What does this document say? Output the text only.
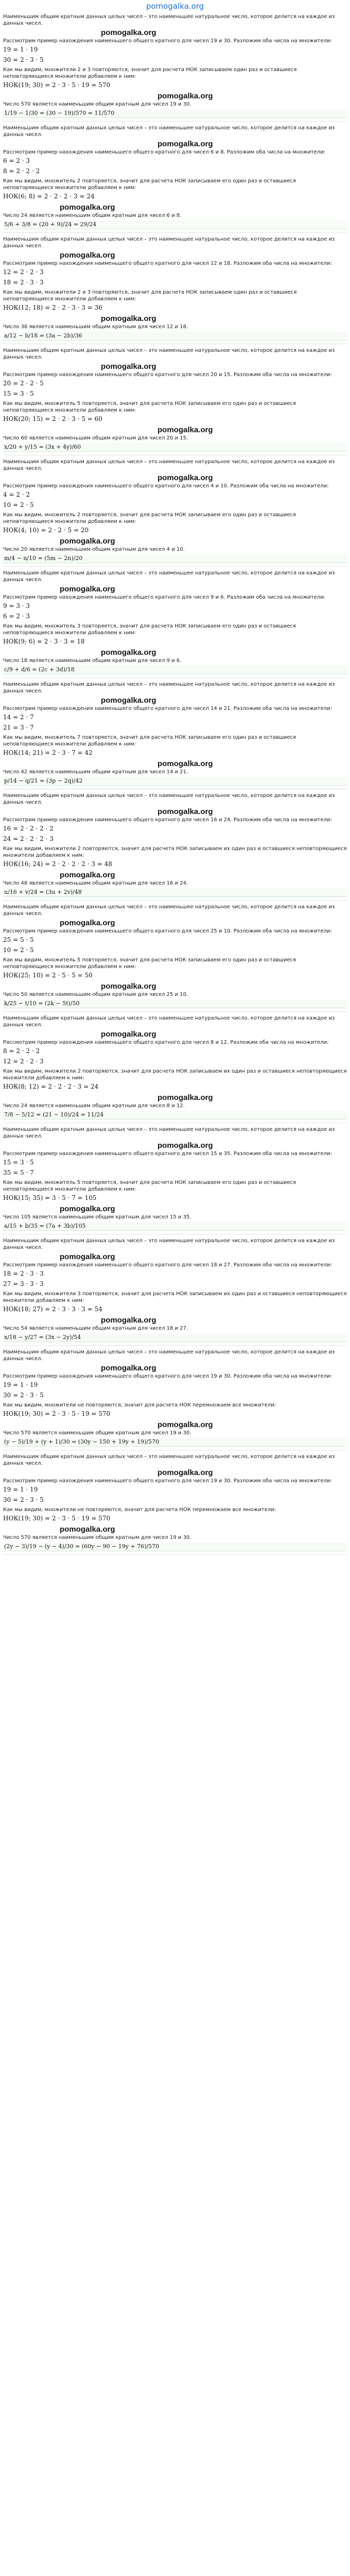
pomogalka.org

Наименьшим общим кратным данных целых чисел – это наименьшее натуральное число, которое делится на каждое из данных чисел.

pomogalka.org

Рассмотрим пример нахождения наименьшего общего кратного для чисел 19 и 30. Разложим оба числа на множители:

19 = 1 · 19
30 = 2 · 3 · 5

Как мы видим, множители 2 и 3 повторяются, значит для расчета НОК записываем один раз и оставшиеся неповторяющиеся множители добавляем к ним:

НОК(19; 30) = 2 · 3 · 5 · 19 = 570
pomogalka.org

Число 570 является наименьшим общим кратным для чисел 19 и 30.

1/19 − 1/30 = (30 − 19)/570 = 11/570

Наименьшим общим кратным данных целых чисел – это наименьшее натуральное число, которое делится на каждое из данных чисел.

pomogalka.org

Рассмотрим пример нахождения наименьшего общего кратного для чисел 6 и 8. Разложим оба числа на множители:

6 = 2 · 3
8 = 2 · 2 · 2

Как мы видим, множитель 2 повторяется, значит для расчета НОК записываем его один раз и оставшиеся неповторяющиеся множители добавляем к ним:

НОК(6; 8) = 2 · 2 · 2 · 3 = 24
pomogalka.org

Число 24 является наименьшим общим кратным для чисел 6 и 8.

5/6 + 3/8 = (20 + 9)/24 = 29/24

Наименьшим общим кратным данных целых чисел – это наименьшее натуральное число, которое делится на каждое из данных чисел.

pomogalka.org

Рассмотрим пример нахождения наименьшего общего кратного для чисел 12 и 18. Разложим оба числа на множители:

12 = 2 · 2 · 3
18 = 2 · 3 · 3

Как мы видим, множители 2 и 3 повторяются, значит для расчета НОК записываем один раз и оставшиеся неповторяющиеся множители добавляем к ним:

НОК(12; 18) = 2 · 2 · 3 · 3 = 36
pomogalka.org

Число 36 является наименьшим общим кратным для чисел 12 и 18.

a/12 − b/18 = (3a − 2b)/36

Наименьшим общим кратным данных целых чисел – это наименьшее натуральное число, которое делится на каждое из данных чисел.

pomogalka.org

Рассмотрим пример нахождения наименьшего общего кратного для чисел 20 и 15. Разложим оба числа на множители:

20 = 2 · 2 · 5
15 = 3 · 5

Как мы видим, множитель 5 повторяется, значит для расчета НОК записываем его один раз и оставшиеся неповторяющиеся множители добавляем к ним:

НОК(20; 15) = 2 · 2 · 3 · 5 = 60
pomogalka.org

Число 60 является наименьшим общим кратным для чисел 20 и 15.

x/20 + y/15 = (3x + 4y)/60

Наименьшим общим кратным данных целых чисел – это наименьшее натуральное число, которое делится на каждое из данных чисел.

pomogalka.org

Рассмотрим пример нахождения наименьшего общего кратного для чисел 4 и 10. Разложим оба числа на множители:

4 = 2 · 2
10 = 2 · 5

Как мы видим, множитель 2 повторяется, значит для расчета НОК записываем его один раз и оставшиеся неповторяющиеся множители добавляем к ним:

НОК(4; 10) = 2 · 2 · 5 = 20
pomogalka.org

Число 20 является наименьшим общим кратным для чисел 4 и 10.

m/4 − n/10 = (5m − 2n)/20

Наименьшим общим кратным данных целых чисел – это наименьшее натуральное число, которое делится на каждое из данных чисел.

pomogalka.org

Рассмотрим пример нахождения наименьшего общего кратного для чисел 9 и 6. Разложим оба числа на множители:

9 = 3 · 3
6 = 2 · 3

Как мы видим, множитель 3 повторяется, значит для расчета НОК записываем его один раз и оставшиеся неповторяющиеся множители добавляем к ним:

НОК(9; 6) = 2 · 3 · 3 = 18
pomogalka.org

Число 18 является наименьшим общим кратным для чисел 9 и 6.

c/9 + d/6 = (2c + 3d)/18

Наименьшим общим кратным данных целых чисел – это наименьшее натуральное число, которое делится на каждое из данных чисел.

pomogalka.org

Рассмотрим пример нахождения наименьшего общего кратного для чисел 14 и 21. Разложим оба числа на множители:

14 = 2 · 7
21 = 3 · 7

Как мы видим, множитель 7 повторяется, значит для расчета НОК записываем его один раз и оставшиеся неповторяющиеся множители добавляем к ним:

НОК(14; 21) = 2 · 3 · 7 = 42
pomogalka.org

Число 42 является наименьшим общим кратным для чисел 14 и 21.

p/14 − q/21 = (3p − 2q)/42

Наименьшим общим кратным данных целых чисел – это наименьшее натуральное число, которое делится на каждое из данных чисел.

pomogalka.org

Рассмотрим пример нахождения наименьшего общего кратного для чисел 16 и 24. Разложим оба числа на множители:

16 = 2 · 2 · 2 · 2
24 = 2 · 2 · 2 · 3

Как мы видим, множители 2 повторяются, значит для расчета НОК записываем их один раз и оставшиеся неповторяющиеся множители добавляем к ним:

НОК(16; 24) = 2 · 2 · 2 · 2 · 3 = 48
pomogalka.org

Число 48 является наименьшим общим кратным для чисел 16 и 24.

u/16 + v/24 = (3u + 2v)/48

Наименьшим общим кратным данных целых чисел – это наименьшее натуральное число, которое делится на каждое из данных чисел.

pomogalka.org

Рассмотрим пример нахождения наименьшего общего кратного для чисел 25 и 10. Разложим оба числа на множители:

25 = 5 · 5
10 = 2 · 5

Как мы видим, множитель 5 повторяется, значит для расчета НОК записываем его один раз и оставшиеся неповторяющиеся множители добавляем к ним:

НОК(25; 10) = 2 · 5 · 5 = 50
pomogalka.org

Число 50 является наименьшим общим кратным для чисел 25 и 10.

k/25 − t/10 = (2k − 5t)/50

Наименьшим общим кратным данных целых чисел – это наименьшее натуральное число, которое делится на каждое из данных чисел.

pomogalka.org

Рассмотрим пример нахождения наименьшего общего кратного для чисел 8 и 12. Разложим оба числа на множители:

8 = 2 · 2 · 2
12 = 2 · 2 · 3

Как мы видим, множители 2 повторяются, значит для расчета НОК записываем их один раз и оставшиеся неповторяющиеся множители добавляем к ним:

НОК(8; 12) = 2 · 2 · 2 · 3 = 24
pomogalka.org

Число 24 является наименьшим общим кратным для чисел 8 и 12.

7/8 − 5/12 = (21 − 10)/24 = 11/24

Наименьшим общим кратным данных целых чисел – это наименьшее натуральное число, которое делится на каждое из данных чисел.

pomogalka.org

Рассмотрим пример нахождения наименьшего общего кратного для чисел 15 и 35. Разложим оба числа на множители:

15 = 3 · 5
35 = 5 · 7

Как мы видим, множитель 5 повторяется, значит для расчета НОК записываем его один раз и оставшиеся неповторяющиеся множители добавляем к ним:

НОК(15; 35) = 3 · 5 · 7 = 105
pomogalka.org

Число 105 является наименьшим общим кратным для чисел 15 и 35.

a/15 + b/35 = (7a + 3b)/105

Наименьшим общим кратным данных целых чисел – это наименьшее натуральное число, которое делится на каждое из данных чисел.

pomogalka.org

Рассмотрим пример нахождения наименьшего общего кратного для чисел 18 и 27. Разложим оба числа на множители:

18 = 2 · 3 · 3
27 = 3 · 3 · 3

Как мы видим, множители 3 повторяются, значит для расчета НОК записываем их один раз и оставшиеся неповторяющиеся множители добавляем к ним:

НОК(18; 27) = 2 · 3 · 3 · 3 = 54
pomogalka.org

Число 54 является наименьшим общим кратным для чисел 18 и 27.

x/18 − y/27 = (3x − 2y)/54

Наименьшим общим кратным данных целых чисел – это наименьшее натуральное число, которое делится на каждое из данных чисел.

pomogalka.org

Рассмотрим пример нахождения наименьшего общего кратного для чисел 19 и 30. Разложим оба числа на множители:

19 = 1 · 19
30 = 2 · 3 · 5

Как мы видим, множители не повторяются, значит для расчета НОК перемножаем все множители:

НОК(19; 30) = 2 · 3 · 5 · 19 = 570
pomogalka.org

Число 570 является наименьшим общим кратным для чисел 19 и 30.

(y − 5)/19 + (y + 1)/30 = (30y − 150 + 19y + 19)/570

Наименьшим общим кратным данных целых чисел – это наименьшее натуральное число, которое делится на каждое из данных чисел.

pomogalka.org

Рассмотрим пример нахождения наименьшего общего кратного для чисел 19 и 30. Разложим оба числа на множители:

19 = 1 · 19
30 = 2 · 3 · 5

Как мы видим, множители не повторяются, значит для расчета НОК перемножаем все множители:

НОК(19; 30) = 2 · 3 · 5 · 19 = 570
pomogalka.org

Число 570 является наименьшим общим кратным для чисел 19 и 30.

(2y − 3)/19 − (y − 4)/30 = (60y − 90 − 19y + 76)/570
